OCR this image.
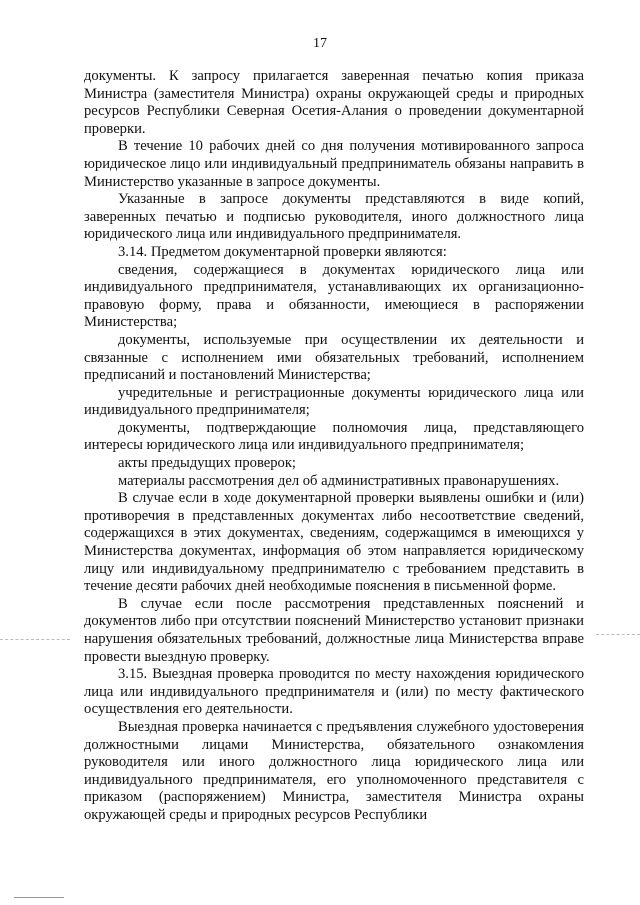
17

документы. К запросу прилагается заверенная печатью копия приказа Министра (заместителя Министра) охраны окружающей среды и природных ресурсов Республики Северная Осетия-Алания о проведении документарной проверки.

В течение 10 рабочих дней со дня получения мотивированного запроса юридическое лицо или индивидуальный предприниматель обязаны направить в Министерство указанные в запросе документы.

Указанные в запросе документы представляются в виде копий, заверенных печатью и подписью руководителя, иного должностного лица юридического лица или индивидуального предпринимателя.

3.14. Предметом документарной проверки являются:

сведения, содержащиеся в документах юридического лица или индивидуального предпринимателя, устанавливающих их организационно-правовую форму, права и обязанности, имеющиеся в распоряжении Министерства;

документы, используемые при осуществлении их деятельности и связанные с исполнением ими обязательных требований, исполнением предписаний и постановлений Министерства;

учредительные и регистрационные документы юридического лица или индивидуального предпринимателя;

документы, подтверждающие полномочия лица, представляющего интересы юридического лица или индивидуального предпринимателя;

акты предыдущих проверок;

материалы рассмотрения дел об административных правонарушениях.

В случае если в ходе документарной проверки выявлены ошибки и (или) противоречия в представленных документах либо несоответствие сведений, содержащихся в этих документах, сведениям, содержащимся в имеющихся у Министерства документах, информация об этом направляется юридическому лицу или индивидуальному предпринимателю с требованием представить в течение десяти рабочих дней необходимые пояснения в письменной форме.

В случае если после рассмотрения представленных пояснений и документов либо при отсутствии пояснений Министерство установит признаки нарушения обязательных требований, должностные лица Министерства вправе провести выездную проверку.

3.15. Выездная проверка проводится по месту нахождения юридического лица или индивидуального предпринимателя и (или) по месту фактического осуществления его деятельности.

Выездная проверка начинается с предъявления служебного удостоверения должностными лицами Министерства, обязательного ознакомления руководителя или иного должностного лица юридического лица или индивидуального предпринимателя, его уполномоченного представителя с приказом (распоряжением) Министра, заместителя Министра охраны окружающей среды и природных ресурсов Республики
